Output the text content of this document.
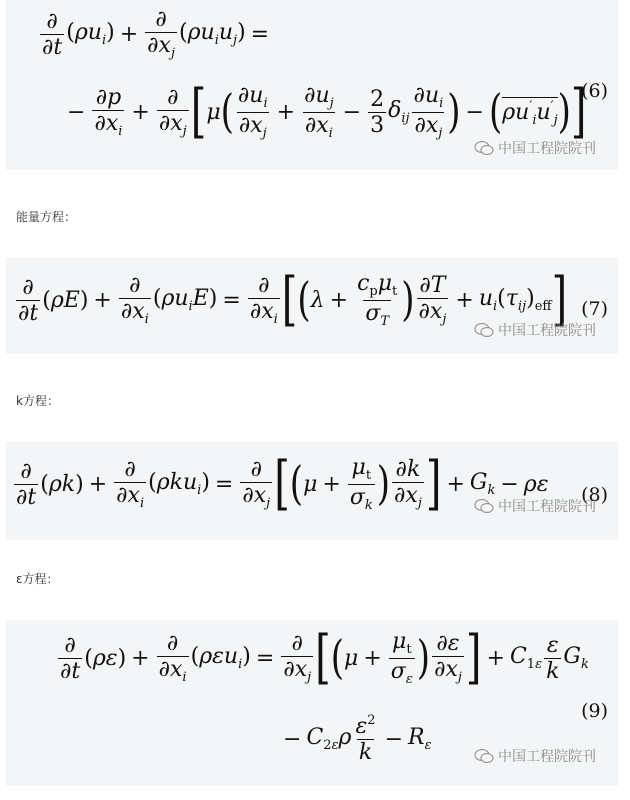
$\frac{\partial}{\partial t} (\rho u_i) + \frac{\partial}{\partial x_j} (\rho u_iu_j)$ =
− $\frac{\partial p}{\partial x_i} + \frac{\partial}{\partial x_j}$ [ μ ( $\frac{\partial u_i}{\partial x_j} + \frac{\partial u_j}{\partial x_i} - \frac{2}{3} \delta_{ij} \frac{\partial u_i}{\partial x_j}$ ) − ( $\rho u'_iu'_j$ ) ]
(6)
中国工程院院刊
能量方程：
$\frac{\partial}{\partial t} (\rho E) + \frac{\partial}{\partial x_i} (\rho u_iE) = \frac{\partial}{\partial x_i}$ [ ( $\lambda + \frac{c_p\mu_t}{\sigma_T}$ ) $\frac{\partial T}{\partial x_j} + u_i(\tau_{ij})_{eff}$ ] (7)
中国工程院院刊
k方程：
$\frac{\partial}{\partial t} (\rho k) + \frac{\partial}{\partial x_i} (\rho ku_i) = \frac{\partial}{\partial x_j}$ [ ( $\mu + \frac{\mu_t}{\sigma_k}$ ) $\frac{\partial k}{\partial x_j}$ ] + $G_k - \rho\varepsilon$ (8)
中国工程院院刊
ε方程：
$\frac{\partial}{\partial t} (\rho\varepsilon) + \frac{\partial}{\partial x_i} (\rho\varepsilon u_i) = \frac{\partial}{\partial x_j}$ [ ( $\mu + \frac{\mu_t}{\sigma_\varepsilon}$ ) $\frac{\partial\varepsilon}{\partial x_j}$ ] + $C_{1\varepsilon} \frac{\varepsilon}{k} G_k$
− $C_{2\varepsilon}\rho \frac{\varepsilon^2}{k} - R_\varepsilon$
(9)
中国工程院院刊
